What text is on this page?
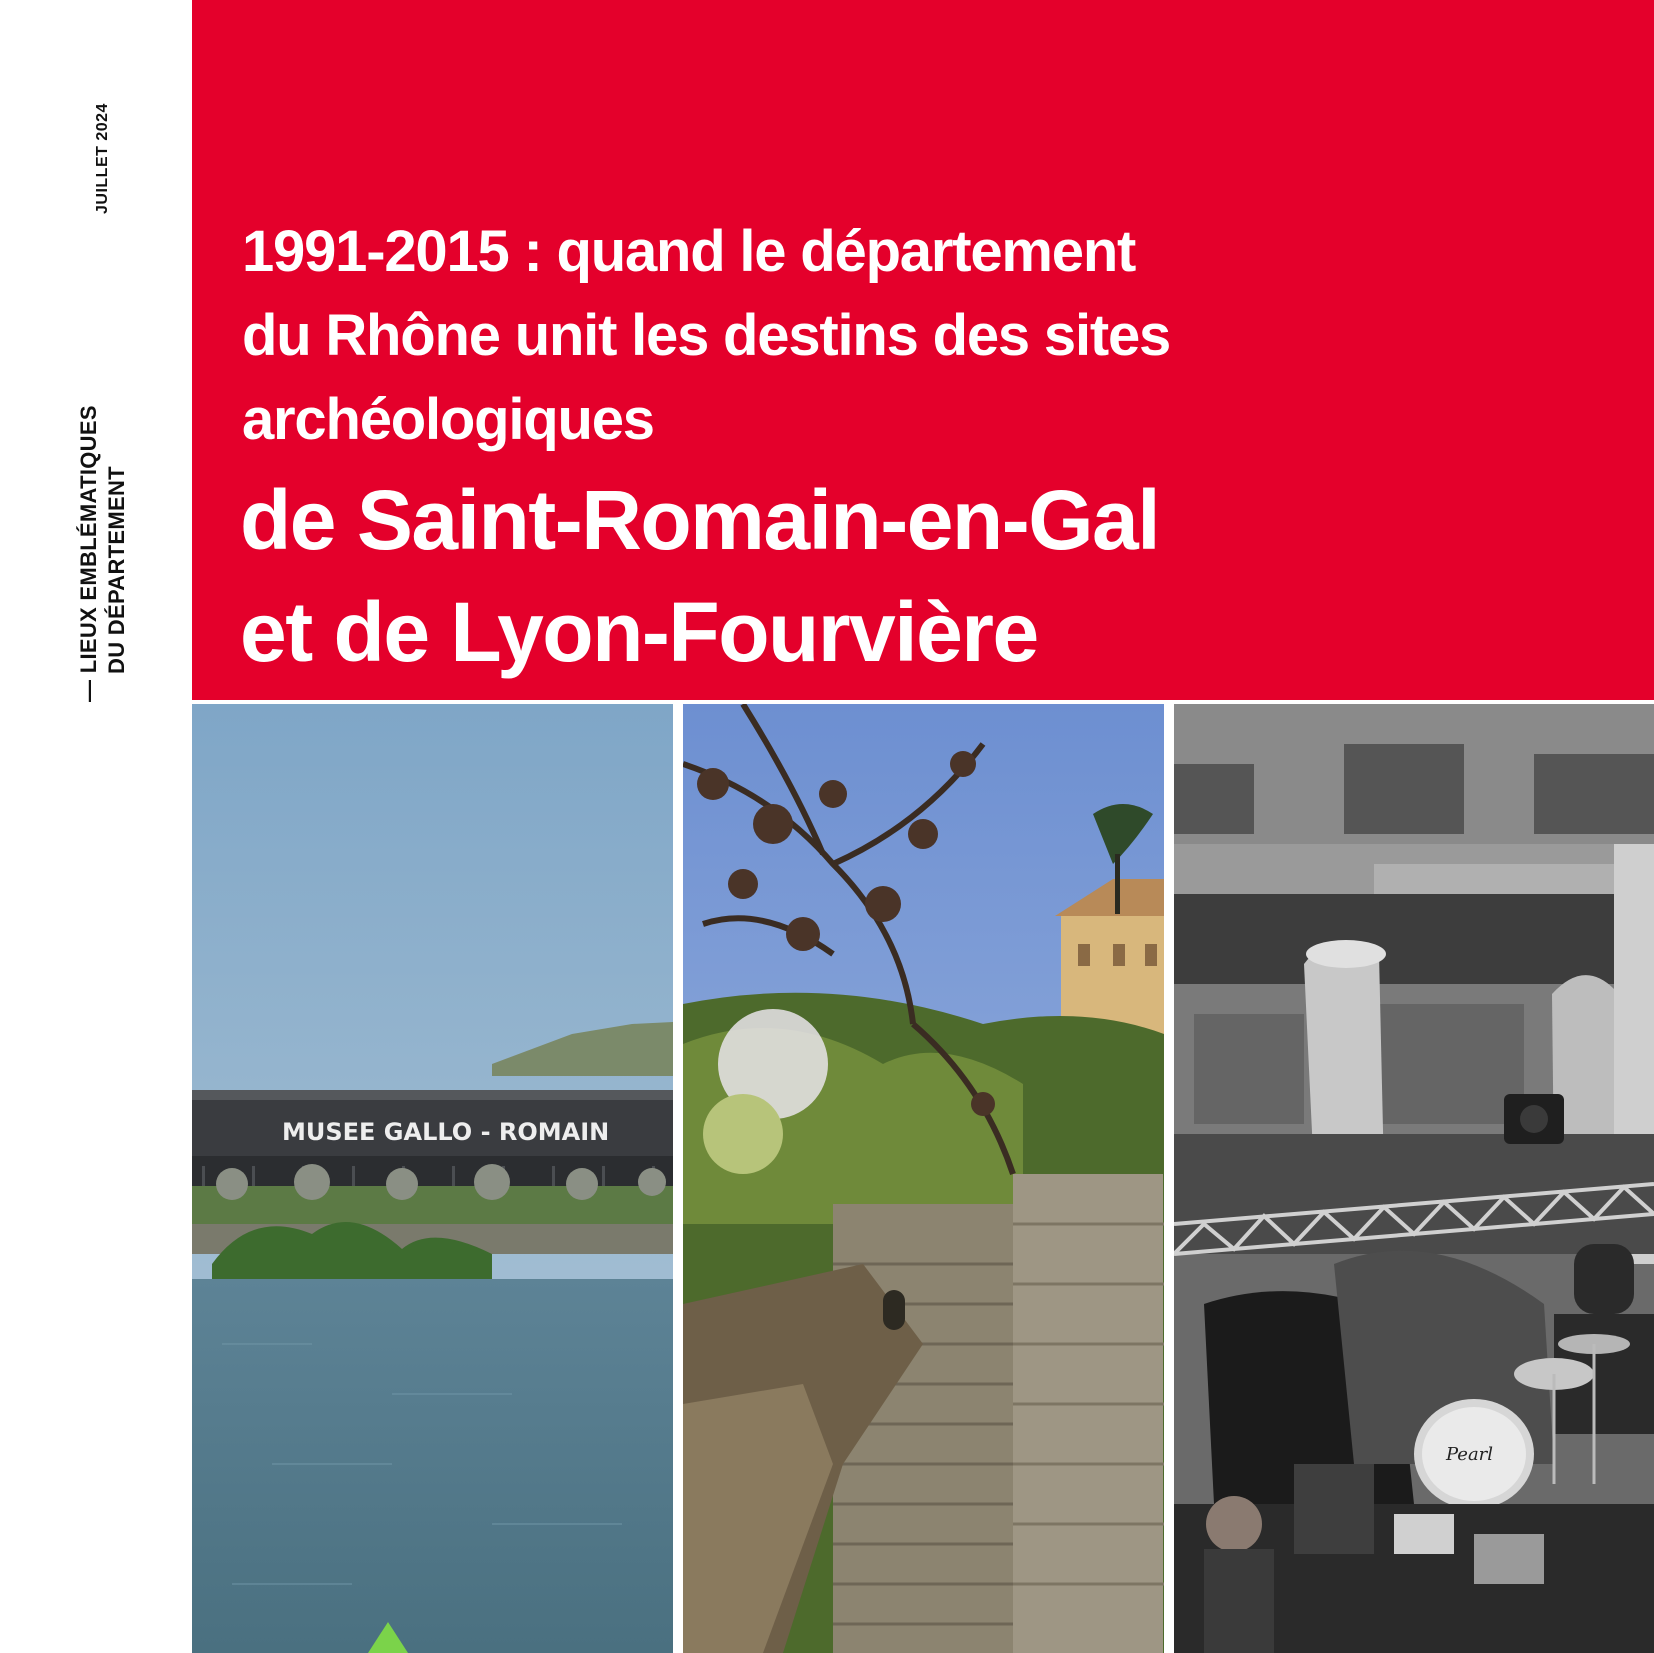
JUILLET 2024
— LIEUX EMBLÉMATIQUES DU DÉPARTEMENT
1991-2015 : quand le département
du Rhône unit les destins des sites
archéologiques
de Saint-Romain-en-Gal
et de Lyon-Fourvière
MUSEE GALLO - ROMAIN
Pearl
